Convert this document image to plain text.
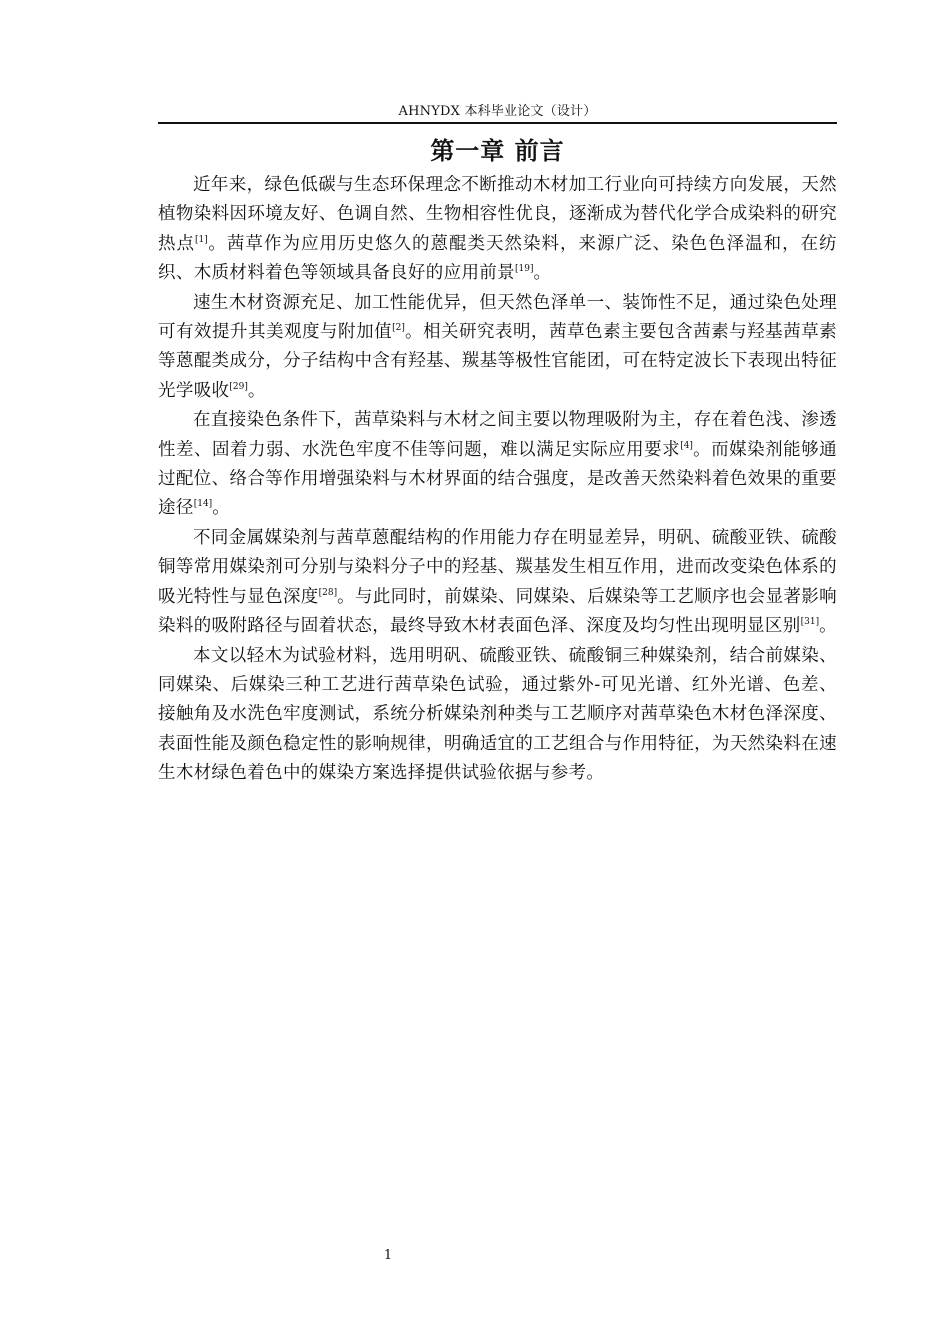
AHNYDX 本科毕业论文（设计）
第一章 前言

近年来，绿色低碳与生态环保理念不断推动木材加工行业向可持续方向发展，天然植物染料因环境友好、色调自然、生物相容性优良，逐渐成为替代化学合成染料的研究热点[1]。茜草作为应用历史悠久的蒽醌类天然染料，来源广泛、染色色泽温和，在纺织、木质材料着色等领域具备良好的应用前景[19]。

速生木材资源充足、加工性能优异，但天然色泽单一、装饰性不足，通过染色处理可有效提升其美观度与附加值[2]。相关研究表明，茜草色素主要包含茜素与羟基茜草素等蒽醌类成分，分子结构中含有羟基、羰基等极性官能团，可在特定波长下表现出特征光学吸收[29]。

在直接染色条件下，茜草染料与木材之间主要以物理吸附为主，存在着色浅、渗透性差、固着力弱、水洗色牢度不佳等问题，难以满足实际应用要求[4]。而媒染剂能够通过配位、络合等作用增强染料与木材界面的结合强度，是改善天然染料着色效果的重要途径[14]。

不同金属媒染剂与茜草蒽醌结构的作用能力存在明显差异，明矾、硫酸亚铁、硫酸铜等常用媒染剂可分别与染料分子中的羟基、羰基发生相互作用，进而改变染色体系的吸光特性与显色深度[28]。与此同时，前媒染、同媒染、后媒染等工艺顺序也会显著影响染料的吸附路径与固着状态，最终导致木材表面色泽、深度及均匀性出现明显区别[31]。

本文以轻木为试验材料，选用明矾、硫酸亚铁、硫酸铜三种媒染剂，结合前媒染、同媒染、后媒染三种工艺进行茜草染色试验，通过紫外-可见光谱、红外光谱、色差、接触角及水洗色牢度测试，系统分析媒染剂种类与工艺顺序对茜草染色木材色泽深度、表面性能及颜色稳定性的影响规律，明确适宜的工艺组合与作用特征，为天然染料在速生木材绿色着色中的媒染方案选择提供试验依据与参考。

1
